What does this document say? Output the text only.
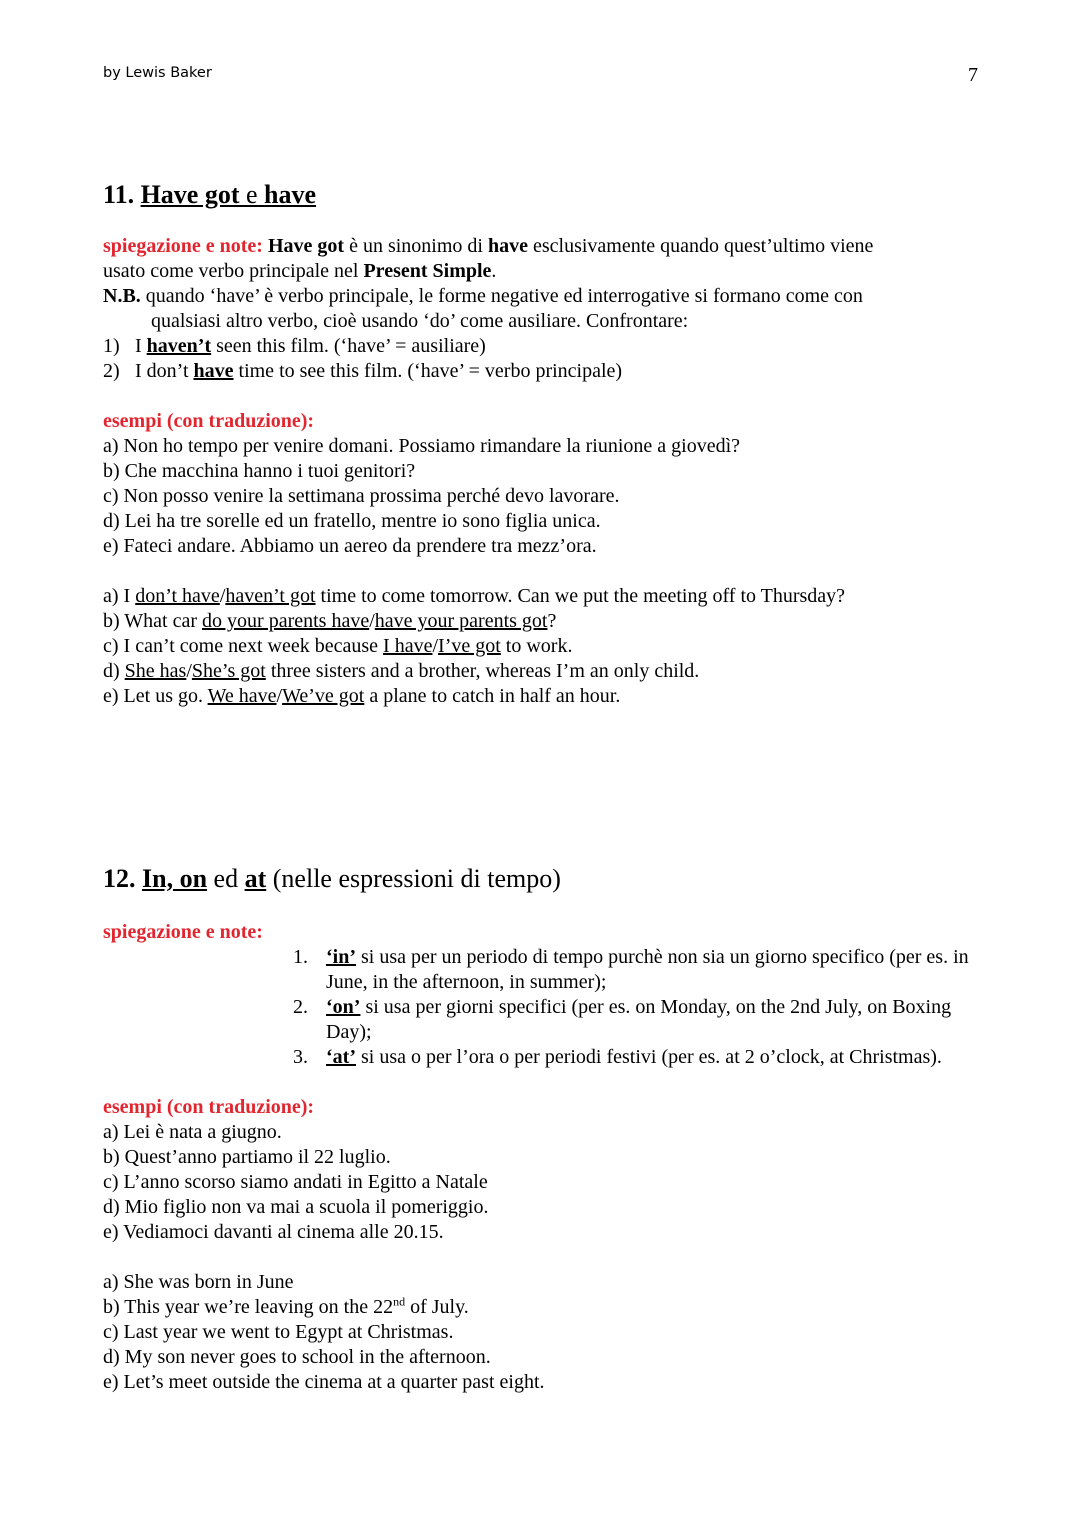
by Lewis Baker	7
11. Have got e have

spiegazione e note: Have got è un sinonimo di have esclusivamente quando quest’ultimo viene

usato come verbo principale nel Present Simple.

N.B. quando ‘have’ è verbo principale, le forme negative ed interrogative si formano come con

qualsiasi altro verbo, cioè usando ‘do’ come ausiliare. Confrontare:

1) I haven’t seen this film. (‘have’ = ausiliare)
2) I don’t have time to see this film. (‘have’ = verbo principale)

esempi (con traduzione):

a) Non ho tempo per venire domani. Possiamo rimandare la riunione a giovedì?

b) Che macchina hanno i tuoi genitori?

c) Non posso venire la settimana prossima perché devo lavorare.

d) Lei ha tre sorelle ed un fratello, mentre io sono figlia unica.

e) Fateci andare. Abbiamo un aereo da prendere tra mezz’ora.

a) I don’t have/haven’t got time to come tomorrow. Can we put the meeting off to Thursday?

b) What car do your parents have/have your parents got?

c) I can’t come next week because I have/I’ve got to work.

d) She has/She’s got three sisters and a brother, whereas I’m an only child.

e) Let us go. We have/We’ve got a plane to catch in half an hour.

12. In, on ed at (nelle espressioni di tempo)

spiegazione e note:

1. ‘in’ si usa per un periodo di tempo purchè non sia un giorno specifico (per es. in June, in the afternoon, in summer);
2. ‘on’ si usa per giorni specifici (per es. on Monday, on the 2nd July, on Boxing Day);
3. ‘at’ si usa o per l’ora o per periodi festivi (per es. at 2 o’clock, at Christmas).

esempi (con traduzione):

a) Lei è nata a giugno.

b) Quest’anno partiamo il 22 luglio.

c) L’anno scorso siamo andati in Egitto a Natale

d) Mio figlio non va mai a scuola il pomeriggio.

e) Vediamoci davanti al cinema alle 20.15.

a) She was born in June

b) This year we’re leaving on the 22nd of July.

c) Last year we went to Egypt at Christmas.

d) My son never goes to school in the afternoon.

e) Let’s meet outside the cinema at a quarter past eight.
